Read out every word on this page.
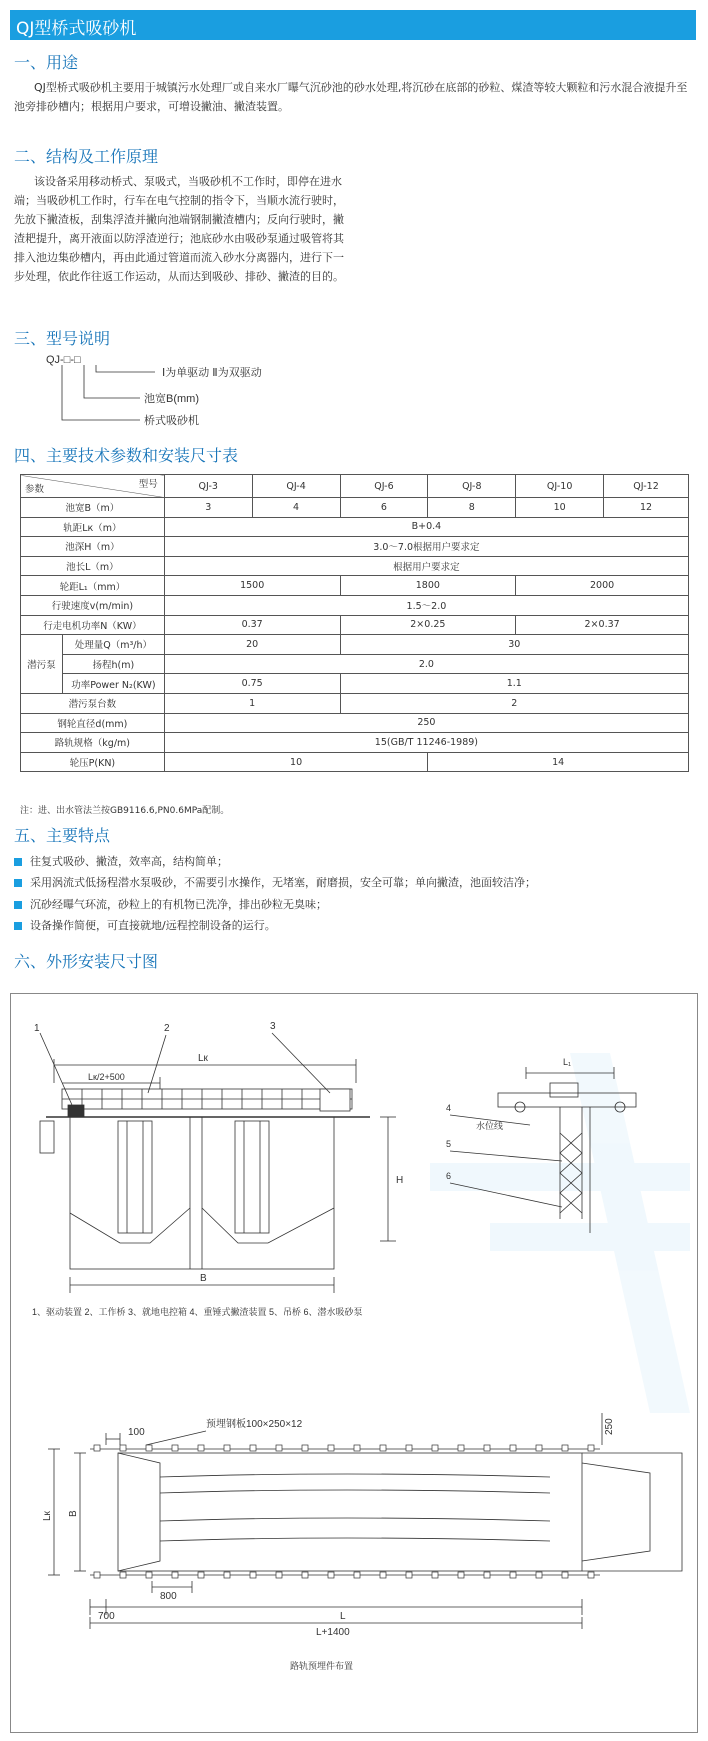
QJ型桥式吸砂机
一、用途
QJ型桥式吸砂机主要用于城镇污水处理厂或自来水厂曝气沉砂池的砂水处理,将沉砂在底部的砂粒、煤渣等较大颗粒和污水混合液提升至池旁排砂槽内；根据用户要求，可增设撇油、撇渣装置。
二、结构及工作原理
该设备采用移动桥式、泵吸式，当吸砂机不工作时，即停在进水端；当吸砂机工作时，行车在电气控制的指令下，当顺水流行驶时，先放下撇渣板，刮集浮渣并撇向池端钢制撇渣槽内；反向行驶时，撇渣耙提升，离开液面以防浮渣逆行；池底砂水由吸砂泵通过吸管将其排入池边集砂槽内，再由此通过管道而流入砂水分离器内，进行下一步处理，依此作往返工作运动，从而达到吸砂、排砂、撇渣的目的。
三、型号说明
QJ-□-□
Ⅰ为单驱动 Ⅱ为双驱动
池宽B(mm)
桥式吸砂机
四、主要技术参数和安装尺寸表
参数 型号		QJ-3	QJ-4	QJ-6	QJ-8	QJ-10	QJ-12
池宽B（m）		3	4	6	8	10	12
轨距Lк（m）		B+0.4					
池深H（m）		3.0～7.0根据用户要求定					
池长L（m）		根据用户要求定					
轮距L₁（mm）		1500		1800		2000	
行驶速度v(m/min)		1.5～2.0					
行走电机功率N（KW）		0.37		2×0.25		2×0.37	
潜污泵	处理量Q（m³/h）	20		30			
	扬程h(m)	2.0					
	功率Power N₂(KW)	0.75		1.1			
潜污泵台数		1		2			
钢轮直径d(mm)		250					
路轨规格（kg/m)		15(GB/T 11246-1989)					
轮压P(KN)		10			14		
注：进、出水管法兰按GB9116.6,PN0.6MPa配制。
五、主要特点
往复式吸砂、撇渣，效率高，结构简单；
采用涡流式低扬程潜水泵吸砂，不需要引水操作，无堵塞，耐磨损，安全可靠；单向撇渣，池面较洁净；
沉砂经曝气环流，砂粒上的有机物已洗净，排出砂粒无臭味；
设备操作简便，可直接就地/远程控制设备的运行。
六、外形安装尺寸图
1	2	3
Lк
Lк/2+500
H
B
L₁
4
水位线
5
6
1、驱动装置 2、工作桥 3、就地电控箱 4、重锤式撇渣装置 5、吊桥 6、潜水吸砂泵
预埋钢板100×250×12
100	250
Lк B
800
700	L
L+1400
路轨预埋件布置
